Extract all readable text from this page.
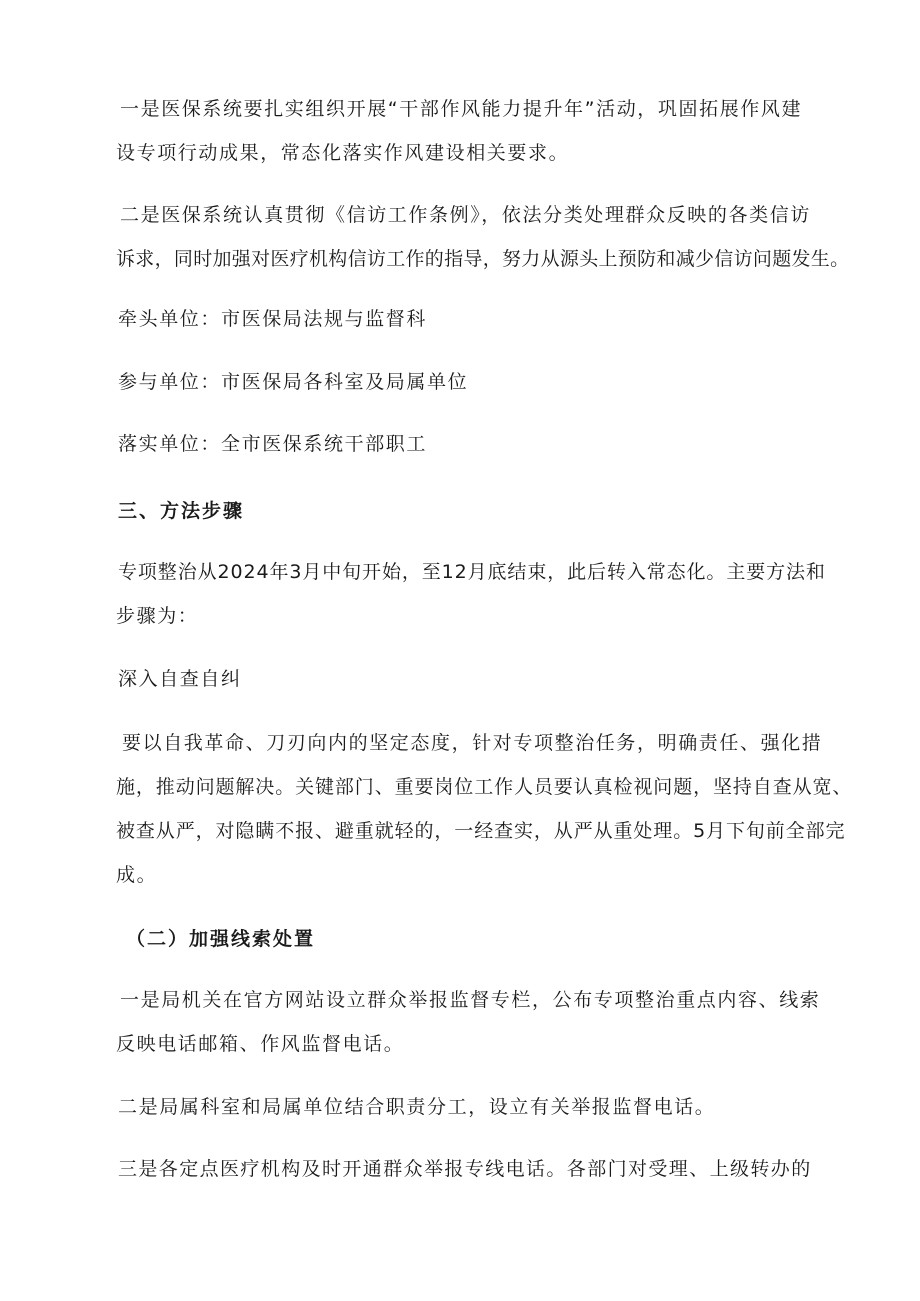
一是医保系统要扎实组织开展“干部作风能力提升年”活动，巩固拓展作风建
设专项行动成果，常态化落实作风建设相关要求。
二是医保系统认真贯彻《信访工作条例》，依法分类处理群众反映的各类信访
诉求，同时加强对医疗机构信访工作的指导，努力从源头上预防和减少信访问题发生。
牵头单位：市医保局法规与监督科
参与单位：市医保局各科室及局属单位
落实单位：全市医保系统干部职工
三、方法步骤
专项整治从2024年3月中旬开始，至12月底结束，此后转入常态化。主要方法和
步骤为：
深入自查自纠
要以自我革命、刀刃向内的坚定态度，针对专项整治任务，明确责任、强化措
施，推动问题解决。关键部门、重要岗位工作人员要认真检视问题，坚持自查从宽、
被查从严，对隐瞒不报、避重就轻的，一经查实，从严从重处理。5月下旬前全部完
成。
（二）加强线索处置
一是局机关在官方网站设立群众举报监督专栏，公布专项整治重点内容、线索
反映电话邮箱、作风监督电话。
二是局属科室和局属单位结合职责分工，设立有关举报监督电话。
三是各定点医疗机构及时开通群众举报专线电话。各部门对受理、上级转办的
